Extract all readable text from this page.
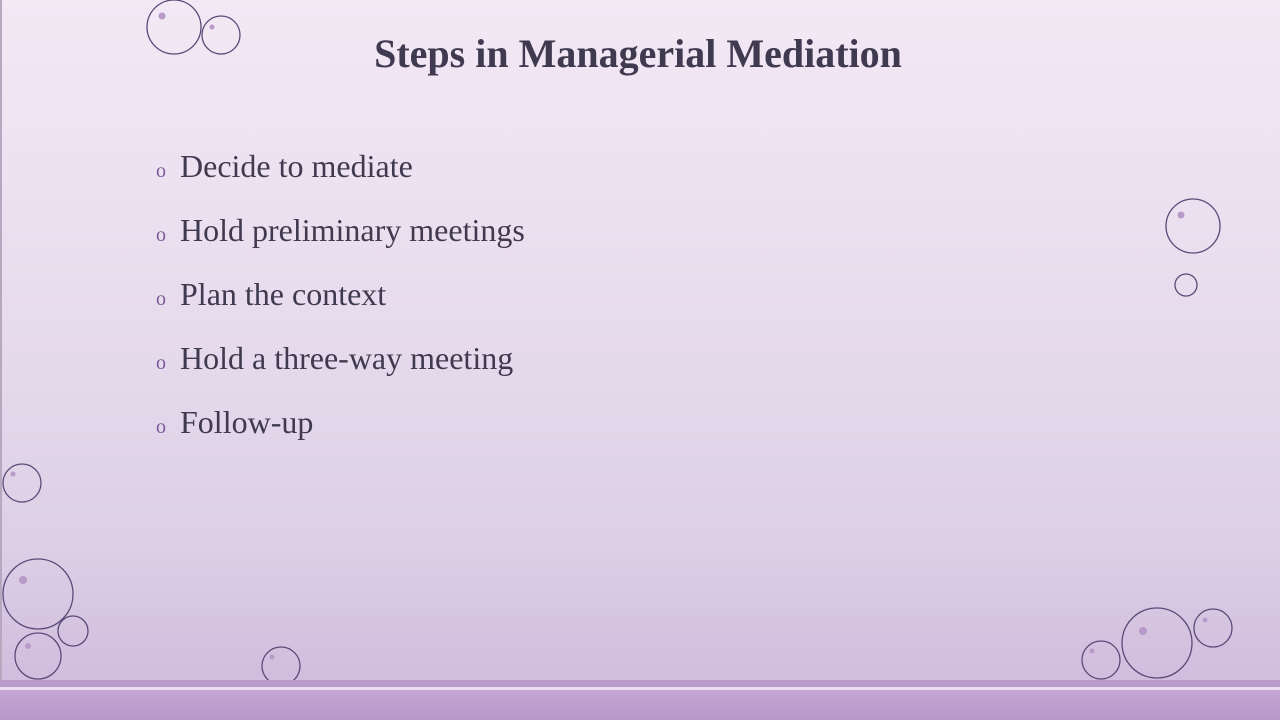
Steps in Managerial Mediation
o Decide to mediate
o Hold preliminary meetings
o Plan the context
o Hold a three-way meeting
o Follow-up
